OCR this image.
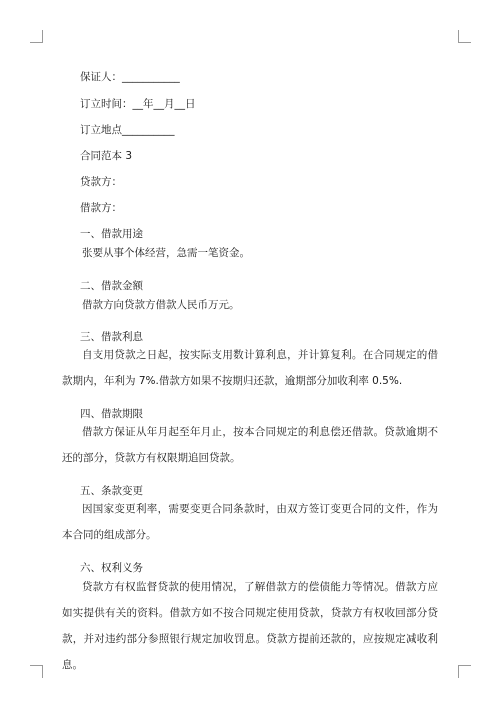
保证人：___________
订立时间：__年__月__日
订立地点__________
合同范本 3
贷款方：
借款方：
一、借款用途
张要从事个体经营，急需一笔资金。
二、借款金额
借款方向贷款方借款人民币万元。
三、借款利息
自支用贷款之日起，按实际支用数计算利息，并计算复利。在合同规定的借款期内，年利为 7%.借款方如果不按期归还款，逾期部分加收利率 0.5%.
四、借款期限
借款方保证从年月起至年月止，按本合同规定的利息偿还借款。贷款逾期不还的部分，贷款方有权限期追回贷款。
五、条款变更
因国家变更利率，需要变更合同条款时，由双方签订变更合同的文件，作为本合同的组成部分。
六、权利义务
贷款方有权监督贷款的使用情况，了解借款方的偿债能力等情况。借款方应如实提供有关的资料。借款方如不按合同规定使用贷款，贷款方有权收回部分贷款，并对违约部分参照银行规定加收罚息。贷款方提前还款的，应按规定减收利息。
